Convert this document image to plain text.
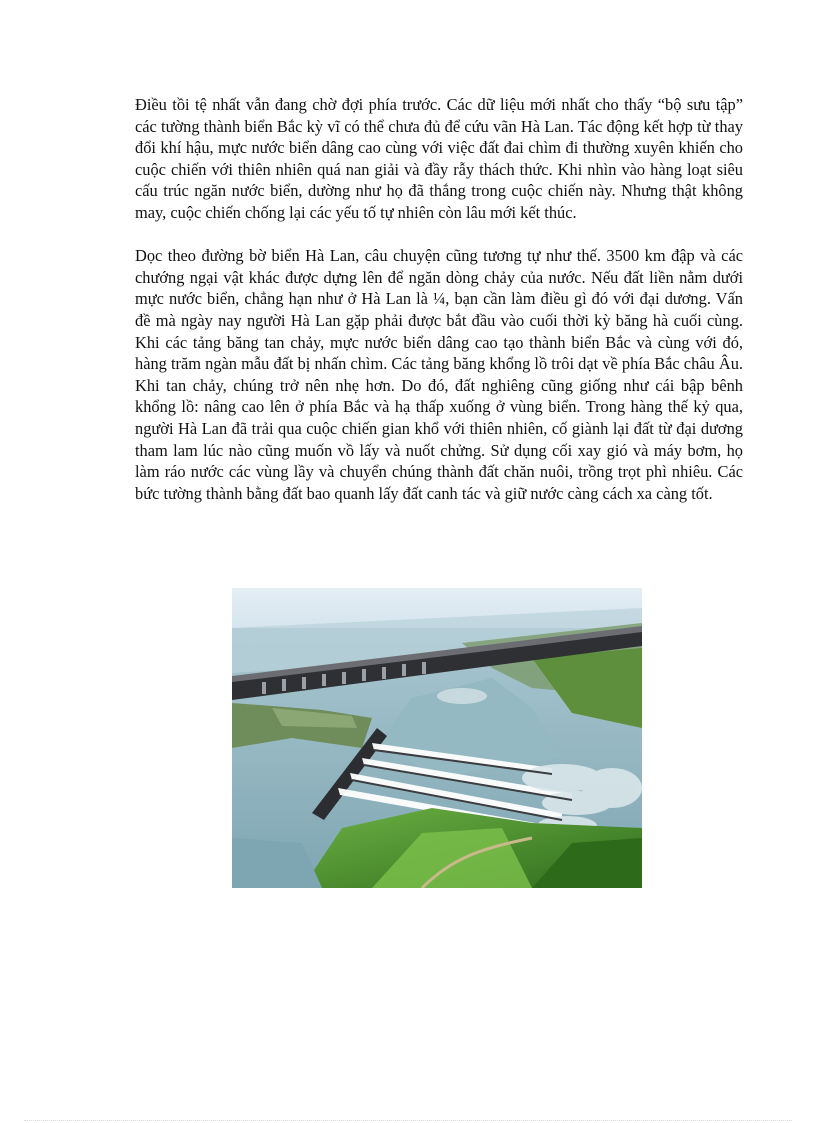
Điều tồi tệ nhất vẫn đang chờ đợi phía trước. Các dữ liệu mới nhất cho thấy “bộ sưu tập” các tường thành biển Bắc kỳ vĩ có thể chưa đủ để cứu vãn Hà Lan. Tác động kết hợp từ thay đổi khí hậu, mực nước biển dâng cao cùng với việc đất đai chìm đi thường xuyên khiến cho cuộc chiến với thiên nhiên quá nan giải và đầy rẫy thách thức. Khi nhìn vào hàng loạt siêu cấu trúc ngăn nước biển, dường như họ đã thắng trong cuộc chiến này. Nhưng thật không may, cuộc chiến chống lại các yếu tố tự nhiên còn lâu mới kết thúc.

Dọc theo đường bờ biển Hà Lan, câu chuyện cũng tương tự như thế. 3500 km đập và các chướng ngại vật khác được dựng lên để ngăn dòng chảy của nước. Nếu đất liền nằm dưới mực nước biển, chẳng hạn như ở Hà Lan là ¼, bạn cần làm điều gì đó với đại dương. Vấn đề mà ngày nay người Hà Lan gặp phải được bắt đầu vào cuối thời kỳ băng hà cuối cùng. Khi các tảng băng tan chảy, mực nước biển dâng cao tạo thành biển Bắc và cùng với đó, hàng trăm ngàn mẫu đất bị nhấn chìm. Các tảng băng khổng lồ trôi dạt về phía Bắc châu Âu. Khi tan chảy, chúng trở nên nhẹ hơn. Do đó, đất nghiêng cũng giống như cái bập bênh khổng lồ: nâng cao lên ở phía Bắc và hạ thấp xuống ở vùng biển. Trong hàng thế kỷ qua, người Hà Lan đã trải qua cuộc chiến gian khổ với thiên nhiên, cố giành lại đất từ đại dương tham lam lúc nào cũng muốn vồ lấy và nuốt chửng. Sử dụng cối xay gió và máy bơm, họ làm ráo nước các vùng lầy và chuyển chúng thành đất chăn nuôi, trồng trọt phì nhiêu. Các bức tường thành bằng đất bao quanh lấy đất canh tác và giữ nước càng cách xa càng tốt.
